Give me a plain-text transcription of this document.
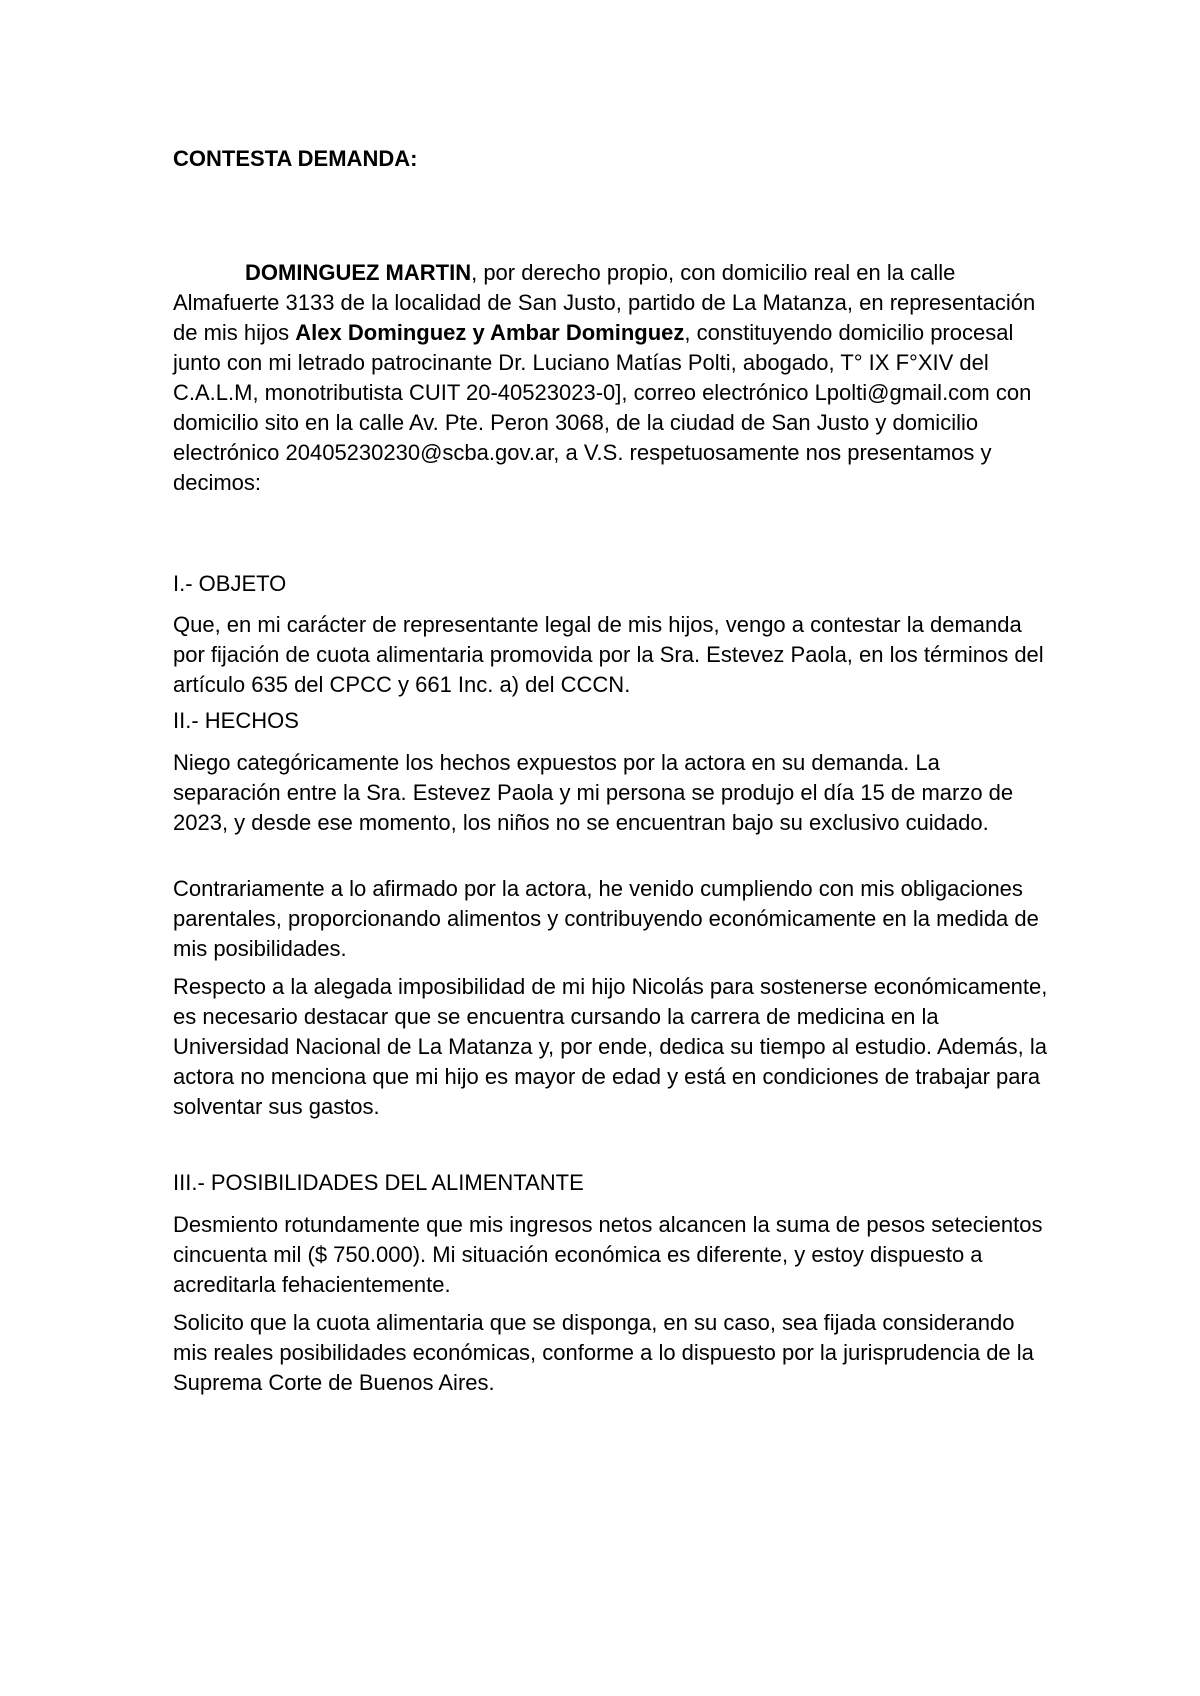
CONTESTA DEMANDA:

DOMINGUEZ MARTIN, por derecho propio, con domicilio real en la calle Almafuerte 3133 de la localidad de San Justo, partido de La Matanza, en representación de mis hijos Alex Dominguez y Ambar Dominguez, constituyendo domicilio procesal junto con mi letrado patrocinante Dr. Luciano Matías Polti, abogado, T° IX F°XIV del C.A.L.M, monotributista CUIT 20-40523023-0], correo electrónico Lpolti@gmail.com con domicilio sito en la calle Av. Pte. Peron 3068, de la ciudad de San Justo y domicilio electrónico 20405230230@scba.gov.ar, a V.S. respetuosamente nos presentamos y decimos:

I.- OBJETO

Que, en mi carácter de representante legal de mis hijos, vengo a contestar la demanda por fijación de cuota alimentaria promovida por la Sra. Estevez Paola, en los términos del artículo 635 del CPCC y 661 Inc. a) del CCCN.

II.- HECHOS

Niego categóricamente los hechos expuestos por la actora en su demanda. La separación entre la Sra. Estevez Paola y mi persona se produjo el día 15 de marzo de 2023, y desde ese momento, los niños no se encuentran bajo su exclusivo cuidado.

Contrariamente a lo afirmado por la actora, he venido cumpliendo con mis obligaciones parentales, proporcionando alimentos y contribuyendo económicamente en la medida de mis posibilidades.

Respecto a la alegada imposibilidad de mi hijo Nicolás para sostenerse económicamente, es necesario destacar que se encuentra cursando la carrera de medicina en la Universidad Nacional de La Matanza y, por ende, dedica su tiempo al estudio. Además, la actora no menciona que mi hijo es mayor de edad y está en condiciones de trabajar para solventar sus gastos.

III.- POSIBILIDADES DEL ALIMENTANTE

Desmiento rotundamente que mis ingresos netos alcancen la suma de pesos setecientos cincuenta mil ($ 750.000). Mi situación económica es diferente, y estoy dispuesto a acreditarla fehacientemente.

Solicito que la cuota alimentaria que se disponga, en su caso, sea fijada considerando mis reales posibilidades económicas, conforme a lo dispuesto por la jurisprudencia de la Suprema Corte de Buenos Aires.
